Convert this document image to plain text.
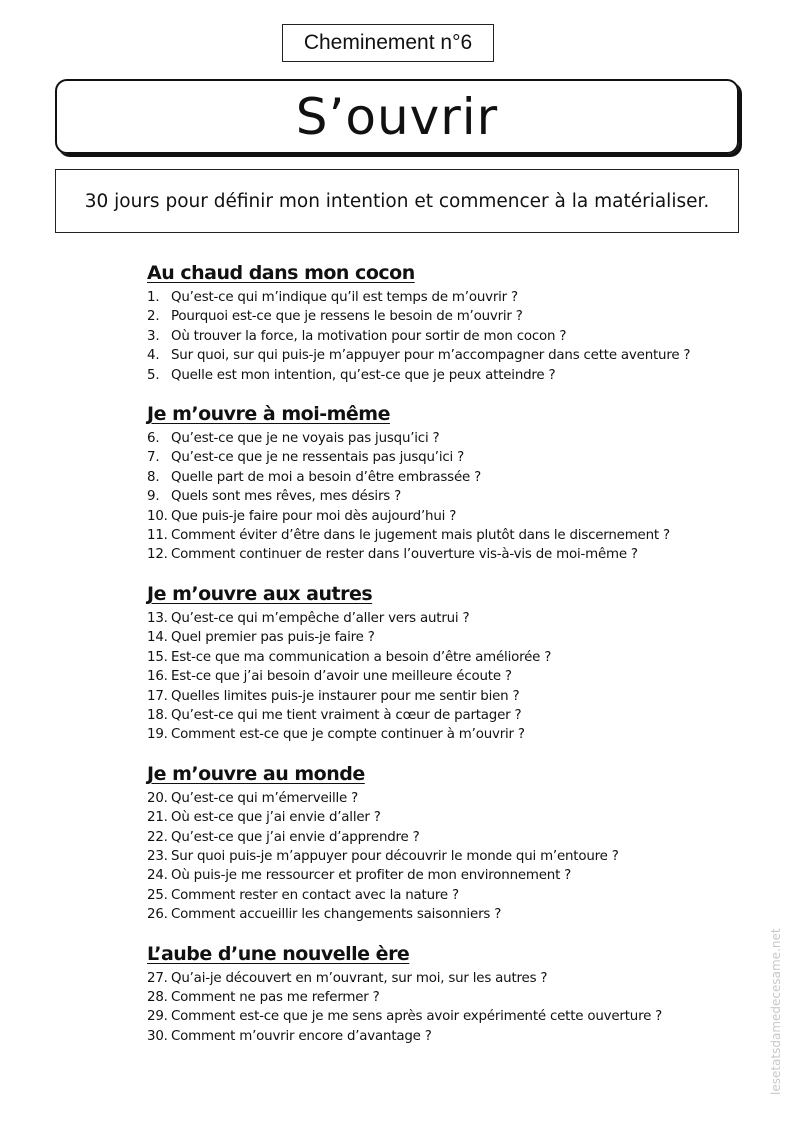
Cheminement n°6
S’ouvrir
30 jours pour définir mon intention et commencer à la matérialiser.
Au chaud dans mon cocon
1. Qu’est-ce qui m’indique qu’il est temps de m’ouvrir ?
2. Pourquoi est-ce que je ressens le besoin de m’ouvrir ?
3. Où trouver la force, la motivation pour sortir de mon cocon ?
4. Sur quoi, sur qui puis-je m’appuyer pour m’accompagner dans cette aventure ?
5. Quelle est mon intention, qu’est-ce que je peux atteindre ?
Je m’ouvre à moi-même
6. Qu’est-ce que je ne voyais pas jusqu’ici ?
7. Qu’est-ce que je ne ressentais pas jusqu’ici ?
8. Quelle part de moi a besoin d’être embrassée ?
9. Quels sont mes rêves, mes désirs ?
10. Que puis-je faire pour moi dès aujourd’hui ?
11. Comment éviter d’être dans le jugement mais plutôt dans le discernement ?
12. Comment continuer de rester dans l’ouverture vis-à-vis de moi-même ?
Je m’ouvre aux autres
13. Qu’est-ce qui m’empêche d’aller vers autrui ?
14. Quel premier pas puis-je faire ?
15. Est-ce que ma communication a besoin d’être améliorée ?
16. Est-ce que j’ai besoin d’avoir une meilleure écoute ?
17. Quelles limites puis-je instaurer pour me sentir bien ?
18. Qu’est-ce qui me tient vraiment à cœur de partager ?
19. Comment est-ce que je compte continuer à m’ouvrir ?
Je m’ouvre au monde
20. Qu’est-ce qui m’émerveille ?
21. Où est-ce que j’ai envie d’aller ?
22. Qu’est-ce que j’ai envie d’apprendre ?
23. Sur quoi puis-je m’appuyer pour découvrir le monde qui m’entoure ?
24. Où puis-je me ressourcer et profiter de mon environnement ?
25. Comment rester en contact avec la nature ?
26. Comment accueillir les changements saisonniers ?
L’aube d’une nouvelle ère
27. Qu’ai-je découvert en m’ouvrant, sur moi, sur les autres ?
28. Comment ne pas me refermer ?
29. Comment est-ce que je me sens après avoir expérimenté cette ouverture ?
30. Comment m’ouvrir encore d’avantage ?	lesetatsdamedecesame.net
